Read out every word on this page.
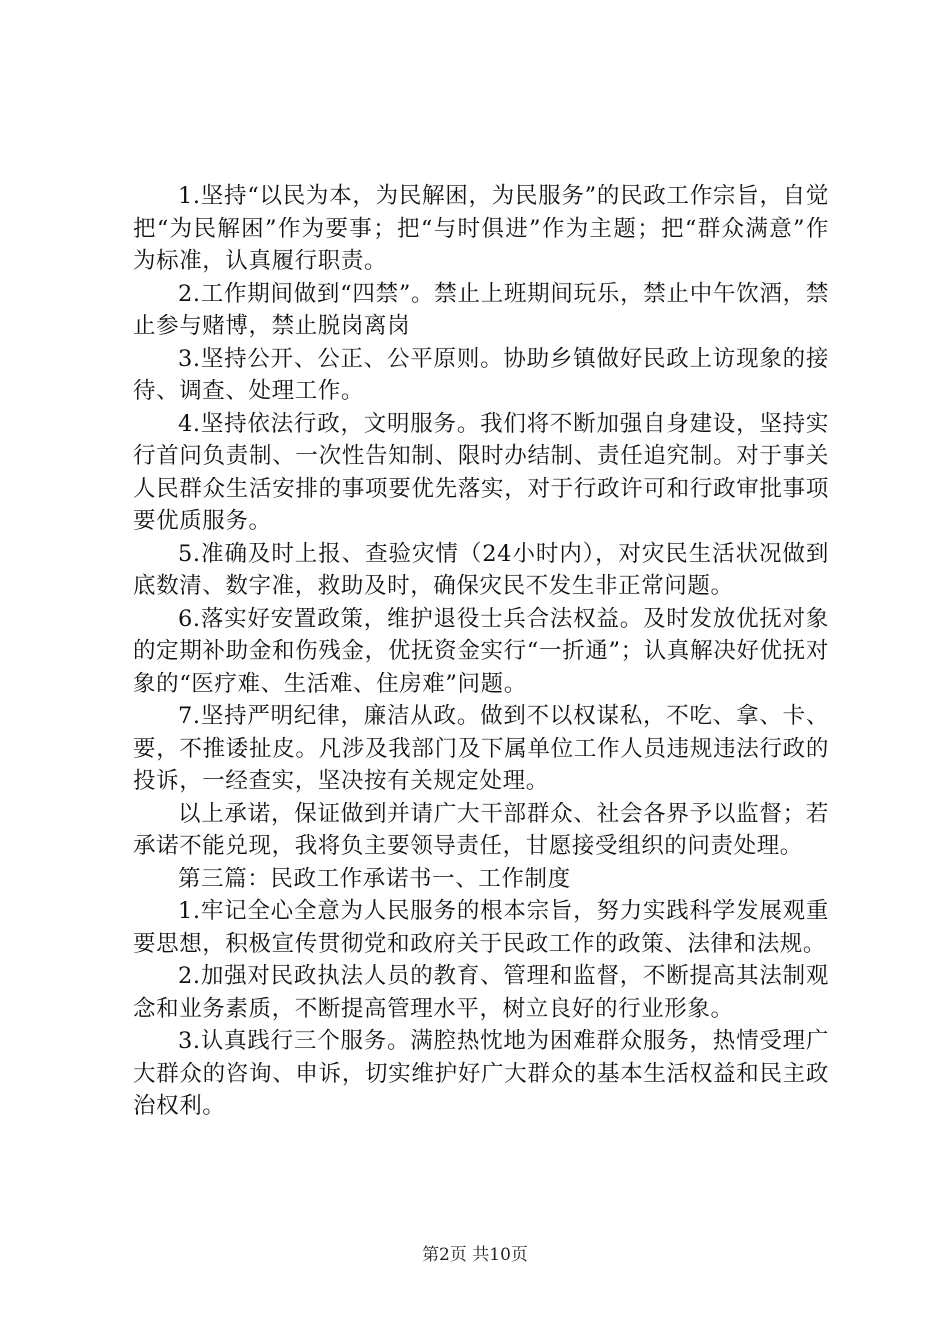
1.坚持“以民为本，为民解困，为民服务”的民政工作宗旨，自觉把“为民解困”作为要事；把“与时俱进”作为主题；把“群众满意”作为标准，认真履行职责。

2.工作期间做到“四禁”。禁止上班期间玩乐，禁止中午饮酒，禁止参与赌博，禁止脱岗离岗

3.坚持公开、公正、公平原则。协助乡镇做好民政上访现象的接待、调查、处理工作。

4.坚持依法行政，文明服务。我们将不断加强自身建设，坚持实行首问负责制、一次性告知制、限时办结制、责任追究制。对于事关人民群众生活安排的事项要优先落实，对于行政许可和行政审批事项要优质服务。

5.准确及时上报、查验灾情（24小时内），对灾民生活状况做到底数清、数字准，救助及时，确保灾民不发生非正常问题。

6.落实好安置政策，维护退役士兵合法权益。及时发放优抚对象的定期补助金和伤残金，优抚资金实行“一折通”；认真解决好优抚对象的“医疗难、生活难、住房难”问题。

7.坚持严明纪律，廉洁从政。做到不以权谋私，不吃、拿、卡、要，不推诿扯皮。凡涉及我部门及下属单位工作人员违规违法行政的投诉，一经查实，坚决按有关规定处理。

以上承诺，保证做到并请广大干部群众、社会各界予以监督；若承诺不能兑现，我将负主要领导责任，甘愿接受组织的问责处理。

第三篇：民政工作承诺书一、工作制度

1.牢记全心全意为人民服务的根本宗旨，努力实践科学发展观重要思想，积极宣传贯彻党和政府关于民政工作的政策、法律和法规。

2.加强对民政执法人员的教育、管理和监督，不断提高其法制观念和业务素质，不断提高管理水平，树立良好的行业形象。

3.认真践行三个服务。满腔热忱地为困难群众服务，热情受理广大群众的咨询、申诉，切实维护好广大群众的基本生活权益和民主政治权利。

第2页 共10页
